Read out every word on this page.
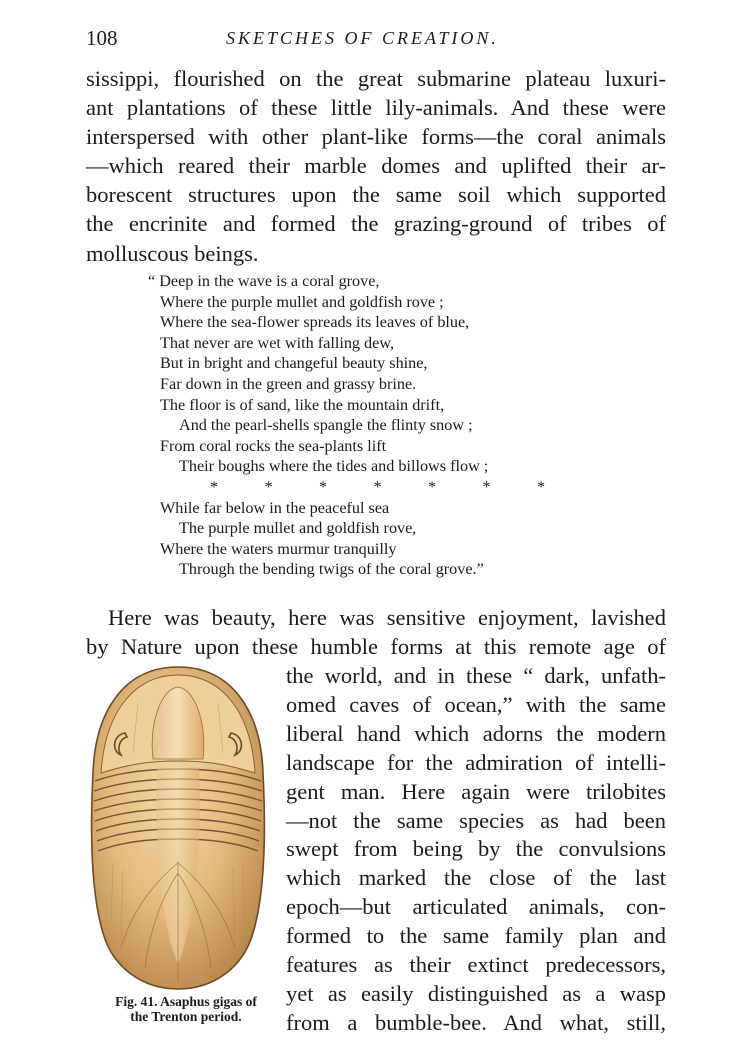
108	SKETCHES OF CREATION.
sissippi, flourished on the great submarine plateau luxuri-
ant plantations of these little lily-animals. And these were
interspersed with other plant-like forms—the coral animals
—which reared their marble domes and uplifted their ar-
borescent structures upon the same soil which supported
the encrinite and formed the grazing-ground of tribes of
molluscous beings.
“ Deep in the wave is a coral grove,
Where the purple mullet and goldfish rove ;
Where the sea-flower spreads its leaves of blue,
That never are wet with falling dew,
But in bright and changeful beauty shine,
Far down in the green and grassy brine.
The floor is of sand, like the mountain drift,
And the pearl-shells spangle the flinty snow ;
From coral rocks the sea-plants lift
Their boughs where the tides and billows flow ;
*	*	*	*	*	*	*
While far below in the peaceful sea
The purple mullet and goldfish rove,
Where the waters murmur tranquilly
Through the bending twigs of the coral grove.”
Here was beauty, here was sensitive enjoyment, lavished
by Nature upon these humble forms at this remote age of
the world, and in these “ dark, unfath-
omed caves of ocean,” with the same
liberal hand which adorns the modern
landscape for the admiration of intelli-
gent man. Here again were trilobites
—not the same species as had been
swept from being by the convulsions
which marked the close of the last
epoch—but articulated animals, con-
formed to the same family plan and
features as their extinct predecessors,
yet as easily distinguished as a wasp
from a bumble-bee. And what, still,
Fig. 41. Asaphus gigas of
the Trenton period.
